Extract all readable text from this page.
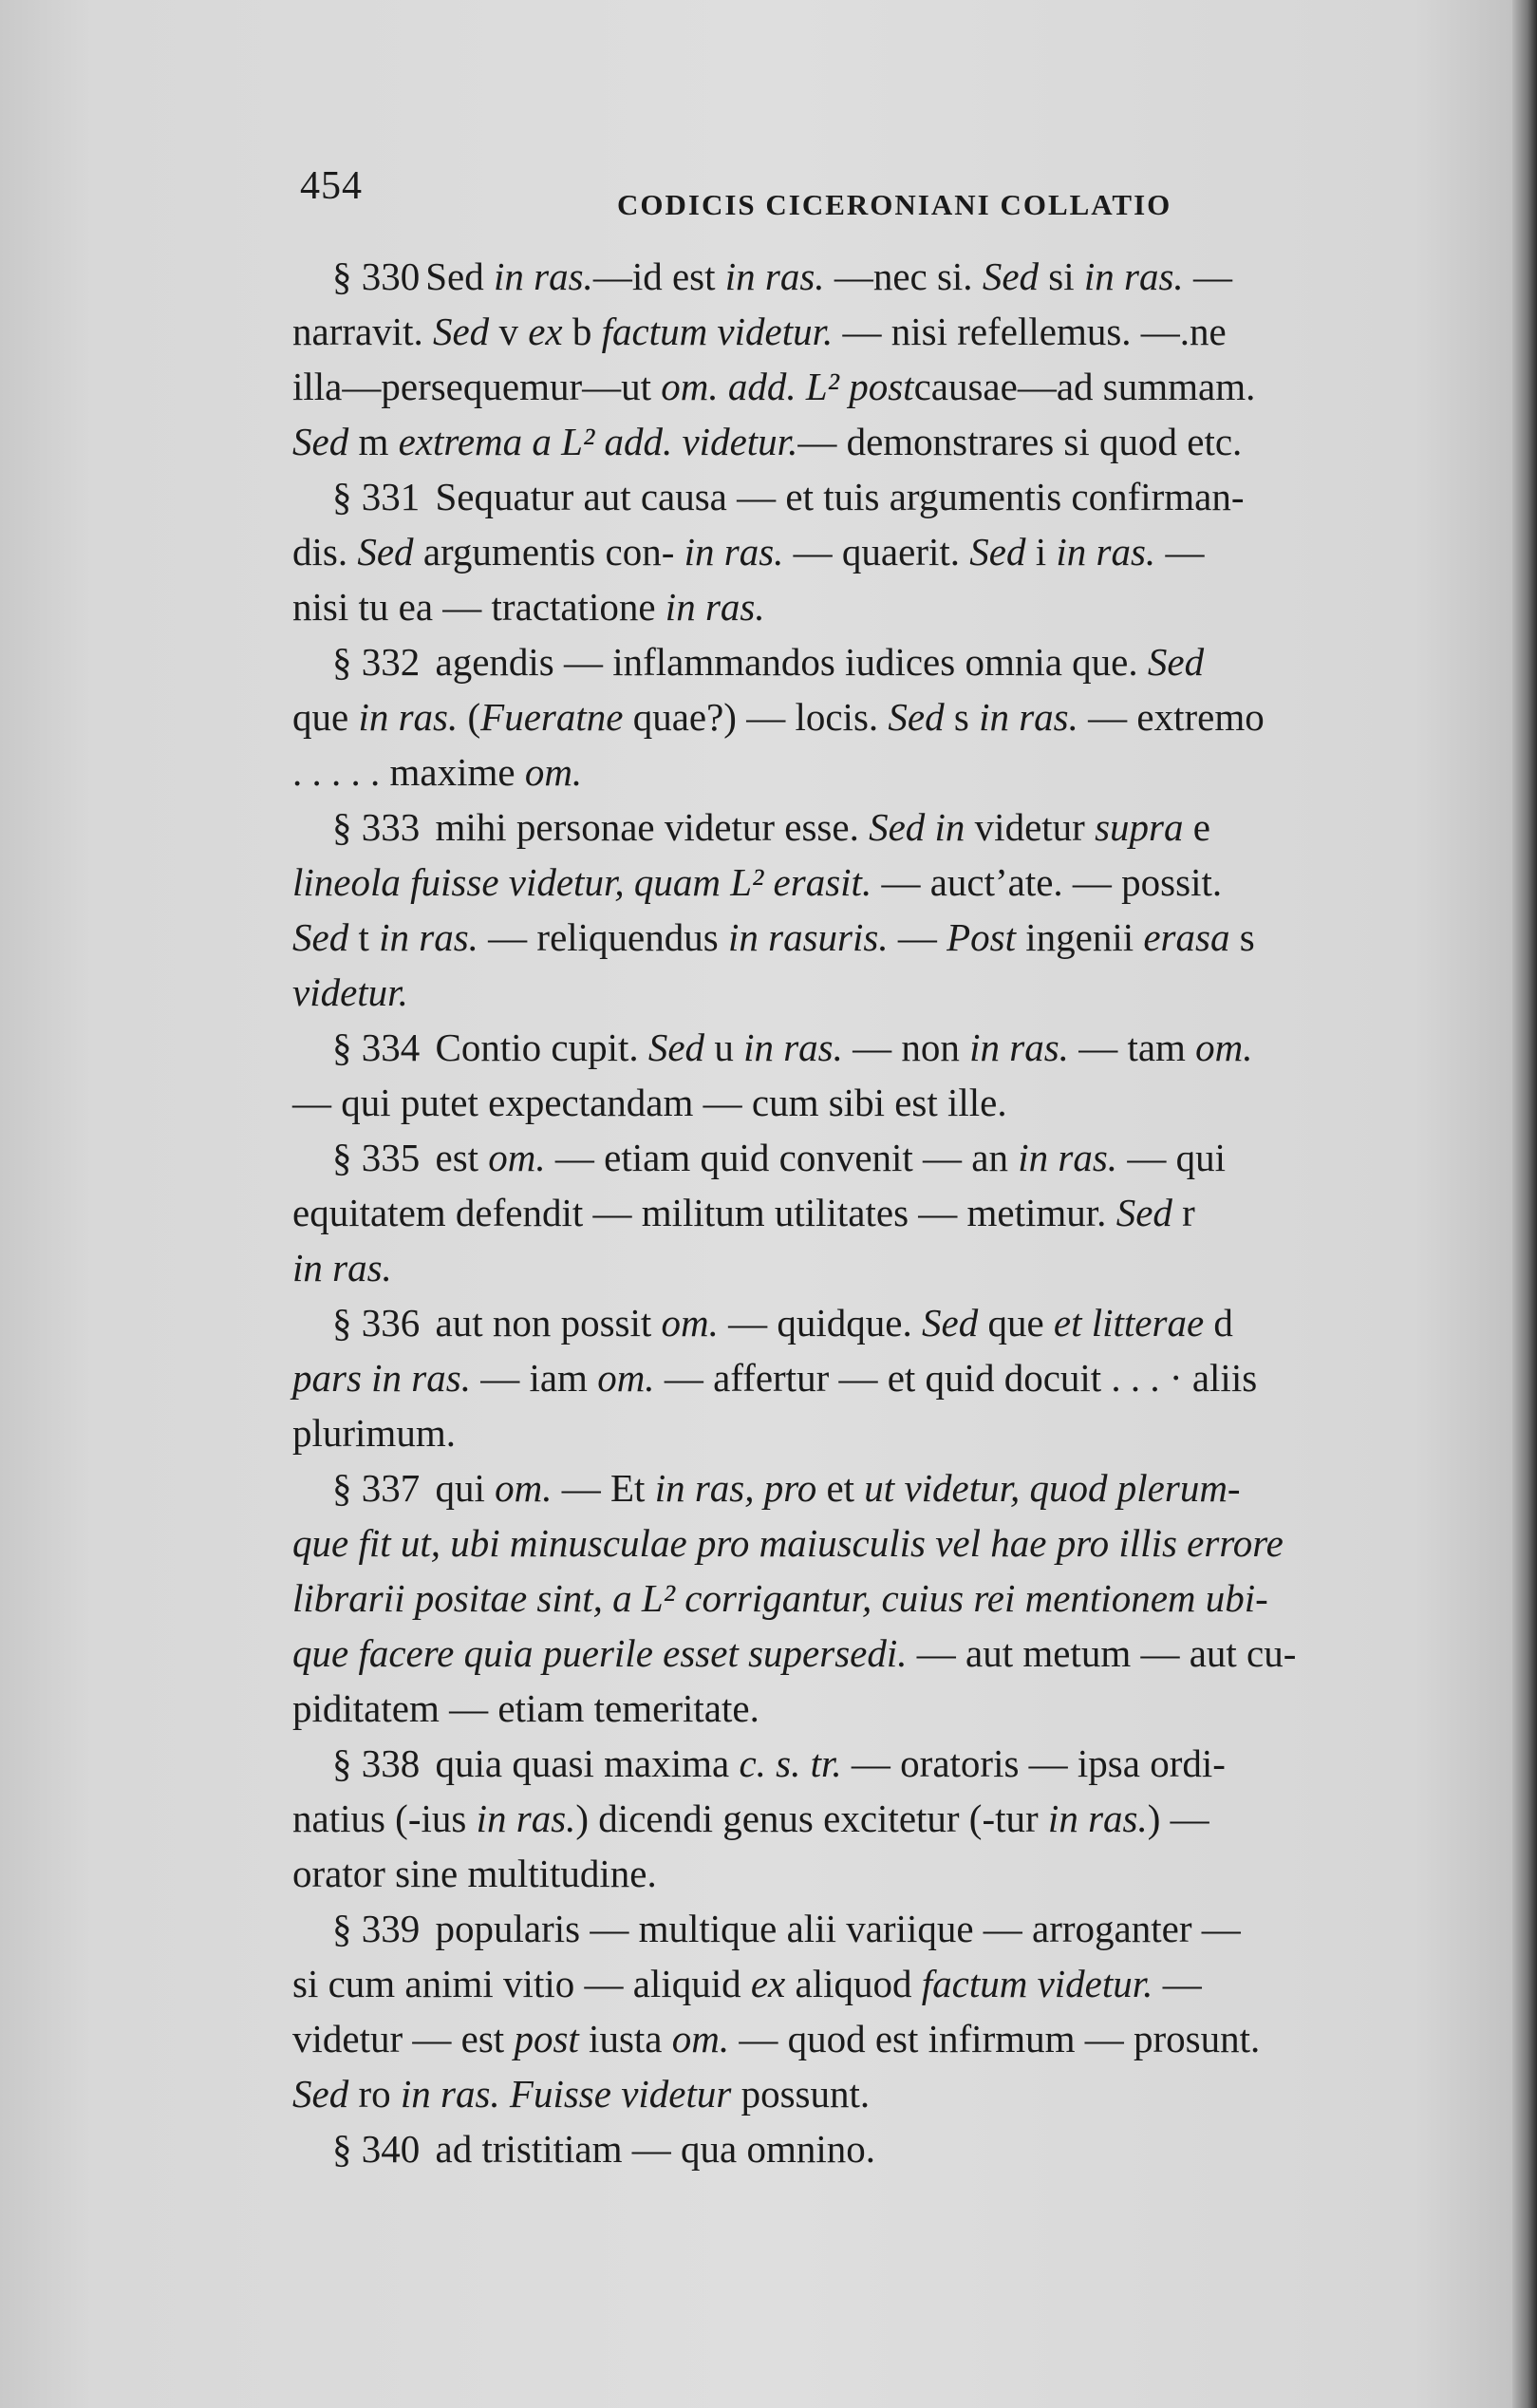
454	CODICIS CICERONIANI COLLATIO

§ 330 Sed in ras.—id est in ras. —nec si. Sed si in ras. —
narravit. Sed v ex b factum videtur. — nisi refellemus. —.ne
illa—persequemur—ut om. add. L² postcausae—ad summam.
Sed m extrema a L² add. videtur.— demonstrares si quod etc.

§ 331 Sequatur aut causa — et tuis argumentis confirman-
dis. Sed argumentis con- in ras. — quaerit. Sed i in ras. —
nisi tu ea — tractatione in ras.

§ 332 agendis — inflammandos iudices omnia que. Sed
que in ras. (Fueratne quae?) — locis. Sed s in ras. — extremo
. . . . . maxime om.

§ 333 mihi personae videtur esse. Sed in videtur supra e
lineola fuisse videtur, quam L² erasit. — auct’ate. — possit.
Sed t in ras. — reliquendus in rasuris. — Post ingenii erasa s
videtur.

§ 334 Contio cupit. Sed u in ras. — non in ras. — tam om.
— qui putet expectandam — cum sibi est ille.

§ 335 est om. — etiam quid convenit — an in ras. — qui
equitatem defendit — militum utilitates — metimur. Sed r
in ras.

§ 336 aut non possit om. — quidque. Sed que et litterae d
pars in ras. — iam om. — affertur — et quid docuit . . . · aliis
plurimum.

§ 337 qui om. — Et in ras, pro et ut videtur, quod plerum-
que fit ut, ubi minusculae pro maiusculis vel hae pro illis errore
librarii positae sint, a L² corrigantur, cuius rei mentionem ubi-
que facere quia puerile esset supersedi. — aut metum — aut cu-
piditatem — etiam temeritate.

§ 338 quia quasi maxima c. s. tr. — oratoris — ipsa ordi-
natius (-ius in ras.) dicendi genus excitetur (-tur in ras.) —
orator sine multitudine.

§ 339 popularis — multique alii variique — arroganter —
si cum animi vitio — aliquid ex aliquod factum videtur. —
videtur — est post iusta om. — quod est infirmum — prosunt.
Sed ro in ras. Fuisse videtur possunt.

§ 340 ad tristitiam — qua omnino.
